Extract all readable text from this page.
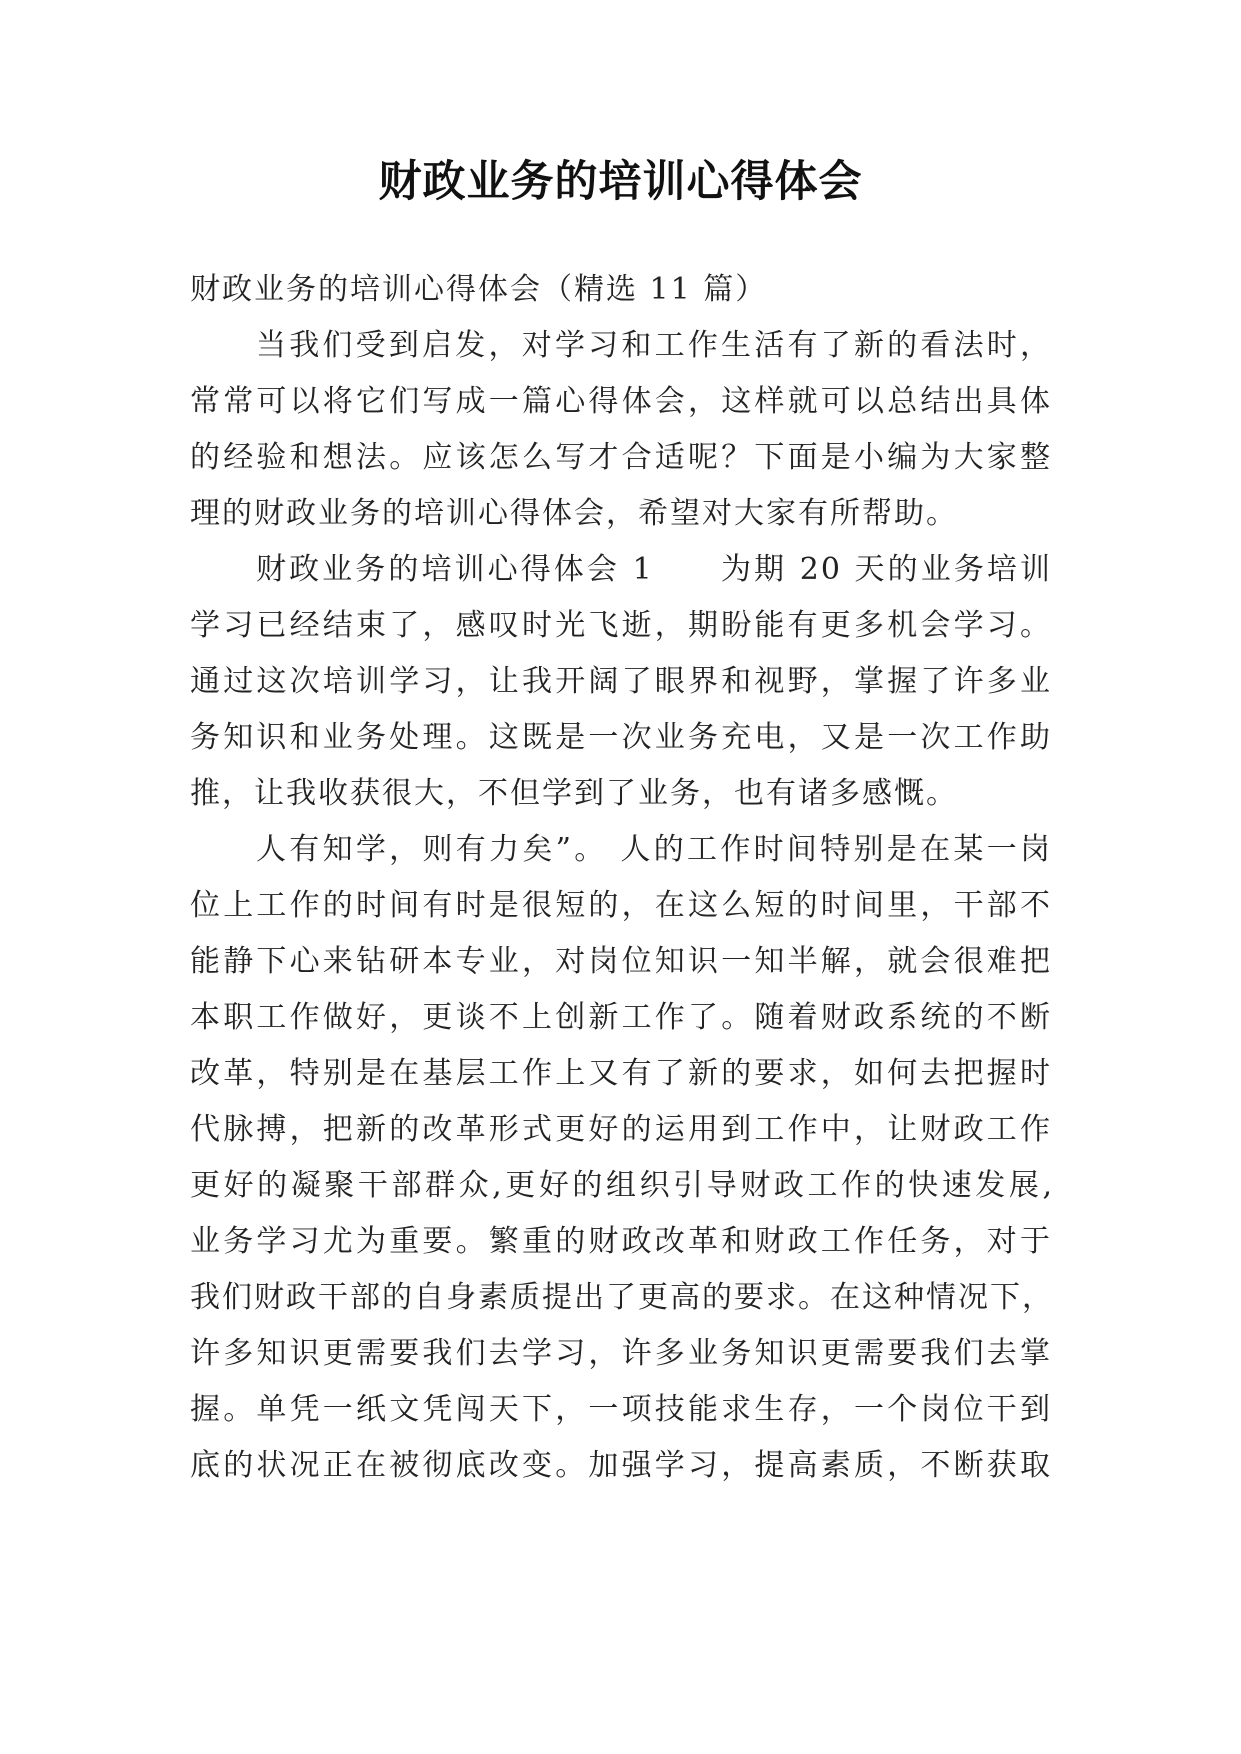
财政业务的培训心得体会

财政业务的培训心得体会（精选 11 篇）

当我们受到启发，对学习和工作生活有了新的看法时，

常常可以将它们写成一篇心得体会，这样就可以总结出具体

的经验和想法。应该怎么写才合适呢？下面是小编为大家整

理的财政业务的培训心得体会，希望对大家有所帮助。

财政业务的培训心得体会 1　　为期 20 天的业务培训

学习已经结束了，感叹时光飞逝，期盼能有更多机会学习。

通过这次培训学习，让我开阔了眼界和视野，掌握了许多业

务知识和业务处理。这既是一次业务充电，又是一次工作助

推，让我收获很大，不但学到了业务，也有诸多感慨。

人有知学，则有力矣”。 人的工作时间特别是在某一岗

位上工作的时间有时是很短的，在这么短的时间里，干部不

能静下心来钻研本专业，对岗位知识一知半解，就会很难把

本职工作做好，更谈不上创新工作了。随着财政系统的不断

改革，特别是在基层工作上又有了新的要求，如何去把握时

代脉搏，把新的改革形式更好的运用到工作中，让财政工作

更好的凝聚干部群众,更好的组织引导财政工作的快速发展,

业务学习尤为重要。繁重的财政改革和财政工作任务，对于

我们财政干部的自身素质提出了更高的要求。在这种情况下，

许多知识更需要我们去学习，许多业务知识更需要我们去掌

握。单凭一纸文凭闯天下，一项技能求生存，一个岗位干到

底的状况正在被彻底改变。加强学习，提高素质，不断获取
